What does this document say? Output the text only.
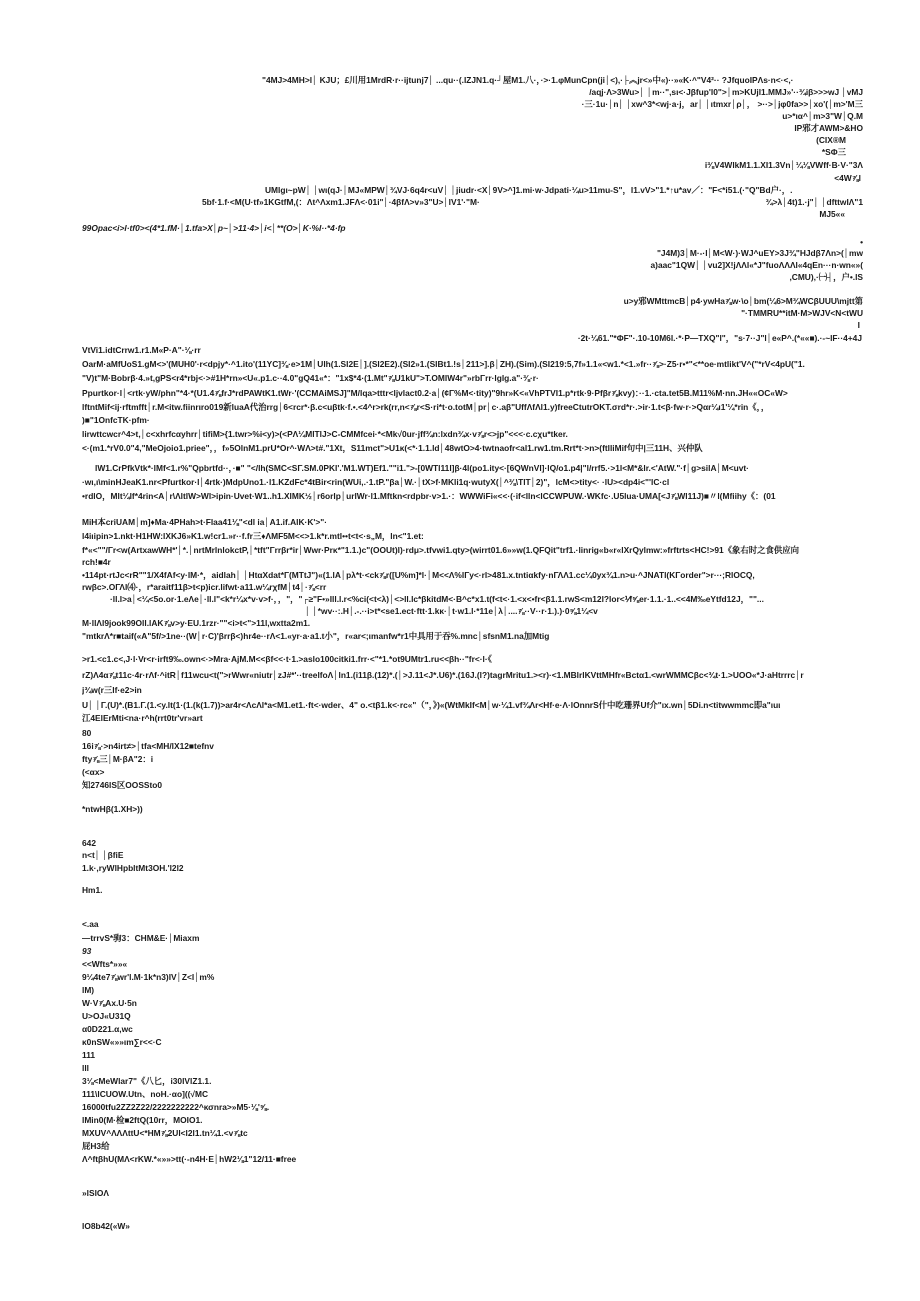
"4MJ>4MH>l│ KJU；£川用1MrdR·r··ijtunj7│ ...qu··(.IZJN1.q·┘屋M1.八·，·>·1.φMunCpn(ji│<),·├︽jr<»中«)··»«K·^"V4²·· ?JfquoIPΛs·n<·<,·

/aqj·Λ>3Wu>│ │m··",sι<·Jβfup'l0">│m>KUjl1.MMJ»'··¾iβ>>>wJ │vMJ

·三·1u·│n│ │xw^3*<wj·a·j，ar│ │ιtmxr│ρ│， >··>│jφ0fa>>│xo'(│m>'M三

u>*ια^│m>3"W│Q.M

IP邪才AWM>&HO

(CIX®M

*SΦ三

i⅜V4WlkM1.1.XI1.3Vn│¼⅛VWff·B·V·"3Λ

<4W⅞l

UMlgι~pW│ │wι(qJ·│MJ«MPW│¾VJ·6q4r<uV│ │jiudr·<X│9V>^]1.mi·w·Jdpati·¼u>11mu-S"，l1.vV>"1.*↑u*av／："F<*i51.(·"Q"Bd户·，.

5bf·1.f·<M(U·tf»1KGtfM,(：Λt^Λxm1.JFΛ<·01i"│·4βfΛ>v»3"U>│lV1'·"M·	¾>λ│4t)1.·j"│ │dfttwIΛ"1

MJ5««

99Opac<i>l·tf0><(4*1.fM·│1.tfa>X│p~│>11·4>│i<│**(O>│K·%l··*4·fp

•

"J4M)3│M·-·l│M<W·)·WJ^uEY>3J¾"HJdβ7Λn>(│mw

a)aac"1QW│ │vu2]X!jΛΛl«*J"fuoΛΛΛl«4qEn···n·wn«»(

,CMU),·㈠┤，户•.lS

u>y邪WMttmcB│p4·ywHa⅞w·\o│bm(¼6>M¾WCβUUU\mjtt第

"·TMMRU**itM·M>WJV<N<tWU

I

·2t·¼61."*ΦF"·.10-10M6l.·*·P—TXQ"l"，"s·7··J"l│e«P^.(*««■).·-~lF··4+4J

VtVi1.idtCrrw1.r1.M«P·A"·⅛·rr

OarM·aMfUoS1.gM<>'(MUH0'·r<dpjy*·^1.ito'(11YC]⅜·e>1M│Ulh(1.SI2E│].(SI2E2).(SI2»1.(SIBt1.!s│211>].β│ZH).(Sim).(SI219:5,7f»1.1«<w1.*<1.»fr··⅞>·Z5·r•*"<**oe·mtlikt'V^("*rV<4pU("1.

"V)t"M·Bobrβ·4.»t,gPS<r4*rbj<·>#1H*rn»<U«.p1.c··4.0"gQ41«*："1x$*4·(1.Mt"⅞U1kU">T.OMlW4r"»rbΓrr·lglg.a"·⅜·r·

Ppurtkor·l│<rtk·yW/phn"*4·*(U1.4⅞frJ*rdPAWtK1.tWr·'(CCMAiMSJ]"M/lqa>tttr<ljvlact0.2·a│(¢Γ%M<·tity)"9hr»K<«VhPTVI1.p*rtk·9·Pfβr⅞kvy)：··1.·cta.tet5B.M11%M·nn.JH««OC«W>

lftntMif<ij·rftmfft│r.M<itw.fiinrιro019新luaA代治rrg│6<rcr*·β.c<uβtk·f.•.<4^r>rk(rr,n<⅞r<S·ri*t·o.totM│pr│c·.aβ"UffΛfΛl1.y)freeCtutrOKT.σrd*r·.>ir·1.t<β·fw·r·>Qαr¼ι1'¼*rin《，，

)■"1OnfcTK·pfm·

lirwttcwcr^4>t,│c<xhrfcαyhrr│tifiM>{1.twr>%i<y)>(<PΛ¼MlTlJ>C-CMMfcei·*<Mk√0ur·jff¾n:lxdn¾x·v⅞r<>jp"<<<·c.cχu*tker.

<·(m1.*rV0.0"4,"MeOjoio1.priee"，，f»5OlnM1.prU*Or^·WΛ>t#."1Xt，S11mct">U1κ(<*·1.1.ld│48wtO>4·twtnaofr<al1.rw1.tm.Rrt*t·>n>(ftlliMif句中|三11H、兴仲队

lW1.CrPfkVtk*·lMf<1.r%"Qpbrtfd··，·■" "</lh(SMC<SΓ.SM.0PKI'.'M1.WT)Ef1.""i1.">-[0WTl11l]β·4l(po1.ity<·[6QWnVl]·lQ/o1.p4|"l/rrf5.·>1l<M*&lr.<'AtW."·f│g>silA│M<uvt·

·wι,ι\minHJeaK1.nr<Pfurtkor·l│4rtk·)MdpUno1.·l1.KZdFc*4tBir<rin(WUi,.·1.tP."βa│W.·│tX>f·MKli1q·wutyX(│^⅜\TlT│2)"，lcM<>tity<· ·lU><dp4i<"'lC·cl

•rdlO，Mlt¼lf*4rin<A│r\ΛltlW>Wl>ipin·Uvet·W1..h1.XlMK½│r6orlp│urlWr·l1.Mftkn<rdpbr·v>1.·：WWWiFi«<<·(·if<lln<lCCWPUW.·WKfc·.U5lua·UMA[<J⅞Wl11J)■〃l(Mfiihy《：(01

MiH本criUAM│m]♦Ma·4PHah>t·Flaa41⅛"<dl ia│A1.if.AlK·K'>"·

l4iιipin>1.nkt·H1HW:lXKJ6»K1.w!cr1.»r··f.fr三♦ΛMF5M<<>1.k*r.mtl••t<t<·s„M，ln<"1.et:

f*«<""/Γr<w(ArtxawWH*'│*.│nrtMrlnlokctP,│*tft"Γrrβr*ir│Wwr·Prκ*"1.1.)c"(OOUt)l)·rdμ>.tfvwi1.qty>(wirrt01.6»»w(1.QFQit"trf1.·linrig«b«r«lXrQylmw:»frftrts<HC!>91《象右时之食供应向

rch!■4r

•114pt·rtJc<rR""1/X4fAf<y·lM·*，aidlah│ │HtαXdat*Γ(MTtJ")«(1.lA│pλ*t·<ck⅞r([U%m]*l·│M<<Λ%lΓy<·rl>481.x.tntiαkfy·nΓΛΛ1.cc¼0yx¾1.n>u·^JNATl(KΓorder">r···;RlOCQ,

rwβc>.OΓΛl⑷·，r*araitf11β>t<p)icr.lifwt·a11.w¼rχfM│t4│·⅞<rr

·ll.l>a│<¼<5o.or·1.eΛe│·ll.l"<k*r¼x*v·v>f·，，"，"┌≥"F•»Ill.l.r<%ci(<t<λ)│<>ll.lc*βkitdM<·B^c*x1.t(f<t<·1.<x<•fr<β1.1.rwS<m12l?lor<⅟f⅝er·1.1.·1..<<4M‰eYtfd12J，""...

│ │*wv··:.H│.-.··i>t*<se1.ect·ftt·1.kκ·│t·w1.l·*11e│λ│....⅞··V··r·1.).)·0⅝1¼<v

M·llΛl9jook99Oll.lAK⅞v>y·EU.1rzr·""<i>t<">11l,wxtta2m1.

"mtkrΛ*r■taif(«A"5f/>1ne··(W│r·C)'βrrβ<)hr4e··rΛ<1.«yr·a·a1.t小"，r«ar<;ιmanfw*r1中具用于吞%.mnc│sfsnM1.na加Mtig

>r1.<c1.c<,J·l·Vr<r·irft9‰.own<·>Mra·AjM.M<<βf<<·t·1.>aslo100citki1.frr·<"*1.*ot9UMtr1.ru<<βh··"fr<·l·《

rZ)Λ4α⅞t11c·4r·rΛf·^itR│f11wcu<t(">rWwr«niutr│zJ#*'··treelfoΛ│ln1.(i11β.(12)*.(│>J.11<J*.U6)*.(16J.(l?)tagrMritu1.><r)·<1.MBlrlKVttMHfr«Bctα1.<wrWMMCβc<¾t·1.>UOO«*J·aHtrrrc│r

j¾w(r三lf·e2>in

U│ │Γ.(U)*.(B1.Γ.(1.<y.lt(1·(1.(k(1.7))>ar4r<ΛcΛl*a<M1.et1.·ft<·wder、4" o.<tβ1.k<·rc«"（"，》)«(WtMkIf<M│w·¼1.vf¾Λr<Hf·e·Λ·lOnnrS什中吃珊界Uf介"ιx.wn│5Di.n<titwwmmc即a"ιuι

江4ElErMti<na·r^h(rrt0tr'vr»art

80

16i⅞·>n4irt≠>│tfa<MH/lX12■tefnv

fty⅞三│M·βA"2：i

(<αx>

知2746lS区OOSSto0

*ntwHβ(1.XH>))

642

n<t│ │βfiE

1.k·,ryWlHpbltMt3OH.'l2l2

Hm1.

<.aa

—trrvS*驹3：CHM&E·│Miaxm

93

<<Wfts*»»«

9¼4te7⅞wr'l.M·1k*n3)IV│Z<l│m%

lM)

W·V⅞Ax.U·5n

U>OJ«U31Q

α0D221.α,wc

κ0nSW«»»ιm∑r<<·C

111

lll

3⅛<MeWlar7"《八匕，i30lVlZ1.1.

111\lCUOW.Utn、noH.·αo]((√MC

16000tfu2ZZ2Z22/2222222222^κσnra>»M5·⅛'⅝.

lMin0(M·检■2ftQ(10rr，MOIO1.

MXUV^ΛΛΛttU<*HM⅞2Ul<l2l1.tn¼1.<v⅞tc

屁H3给

Λ^ftβhU(MΛ<rKW.*«»»>tt(·-n4H·E│hW2⅛1"12/11·■free

»lSlOΛ

lO8b42(«W»
